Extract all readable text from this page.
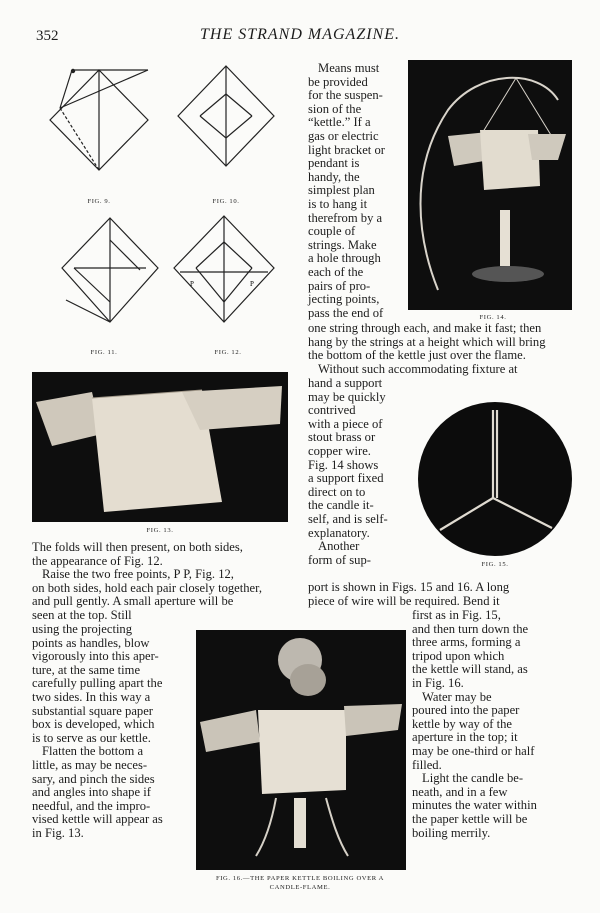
352	THE STRAND MAGAZINE.
FIG. 9.	FIG. 10.
FIG. 11.
P	P
FIG. 12.
FIG. 13.
FIG. 14.
FIG. 15.
FIG. 16.—THE PAPER KETTLE BOILING OVER A
CANDLE-FLAME.

Means must

be provided

for the suspen-

sion of the

“kettle.” If a

gas or electric

light bracket or

pendant is

handy, the

simplest plan

is to hang it

therefrom by a

couple of

strings. Make

a hole through

each of the

pairs of pro-

jecting points,

pass the end of

one string through each, and make it fast; then

hang by the strings at a height which will bring

the bottom of the kettle just over the flame.

Without such accommodating fixture at

hand a support

may be quickly

contrived

with a piece of

stout brass or

copper wire.

Fig. 14 shows

a support fixed

direct on to

the candle it-

self, and is self-

explanatory.

Another

form of sup-

port is shown in Figs. 15 and 16. A long

piece of wire will be required. Bend it

The folds will then present, on both sides,

the appearance of Fig. 12.

Raise the two free points, P P, Fig. 12,

on both sides, hold each pair closely together,

and pull gently. A small aperture will be

seen at the top. Still

using the projecting

points as handles, blow

vigorously into this aper-

ture, at the same time

carefully pulling apart the

two sides. In this way a

substantial square paper

box is developed, which

is to serve as our kettle.

Flatten the bottom a

little, as may be neces-

sary, and pinch the sides

and angles into shape if

needful, and the impro-

vised kettle will appear as

in Fig. 13.

first as in Fig. 15,

and then turn down the

three arms, forming a

tripod upon which

the kettle will stand, as

in Fig. 16.

Water may be

poured into the paper

kettle by way of the

aperture in the top; it

may be one-third or half

filled.

Light the candle be-

neath, and in a few

minutes the water within

the paper kettle will be

boiling merrily.
